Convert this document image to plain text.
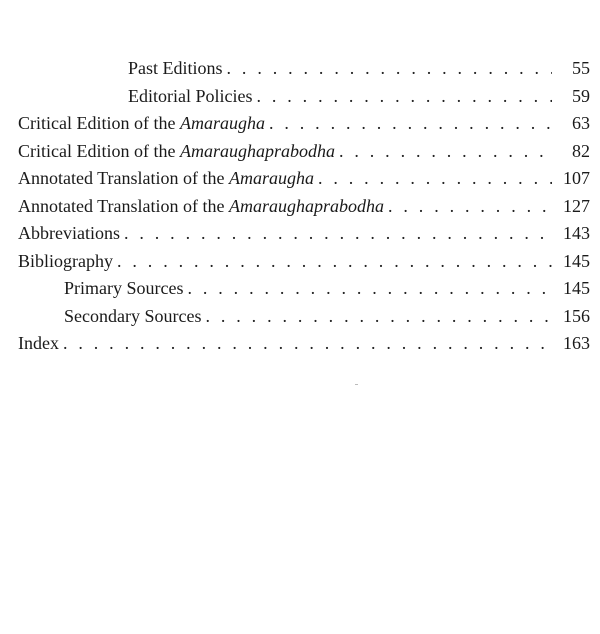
Past Editions . . .	55
Editorial Policies . . .	59
Critical Edition of the Amaraugha . . .	63
Critical Edition of the Amaraughaprabodha . . .	82
Annotated Translation of the Amaraugha . . .	107
Annotated Translation of the Amaraughaprabodha . . .	127
Abbreviations . . .	143
Bibliography . . .	145
Primary Sources . . .	145
Secondary Sources . . .	156
Index . . .	163
